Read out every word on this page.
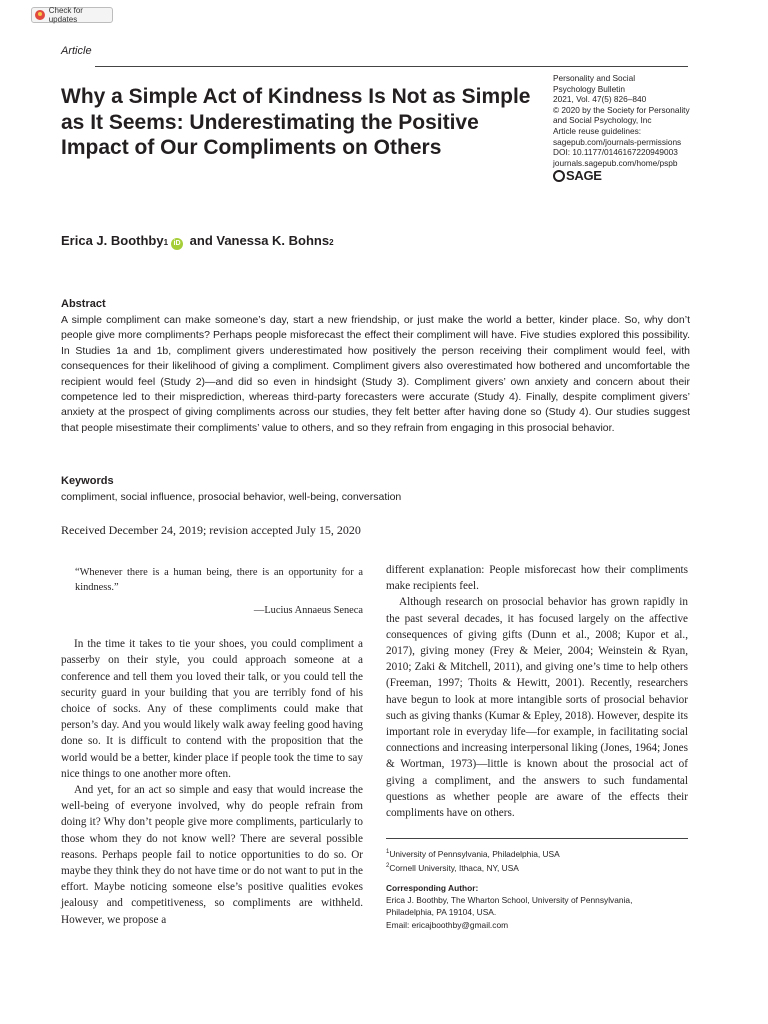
Check for updates
Article
Personality and Social
Psychology Bulletin
2021, Vol. 47(5) 826–840
© 2020 by the Society for Personality
and Social Psychology, Inc
Article reuse guidelines:
sagepub.com/journals-permissions
DOI: 10.1177/0146167220949003
journals.sagepub.com/home/pspb
SAGE
Why a Simple Act of Kindness Is Not as Simple as It Seems: Underestimating the Positive Impact of Our Compliments on Others
Erica J. Boothby 1 iD and Vanessa K. Bohns 2
Abstract

A simple compliment can make someone’s day, start a new friendship, or just make the world a better, kinder place. So, why don’t people give more compliments? Perhaps people misforecast the effect their compliment will have. Five studies explored this possibility. In Studies 1a and 1b, compliment givers underestimated how positively the person receiving their compliment would feel, with consequences for their likelihood of giving a compliment. Compliment givers also overestimated how bothered and uncomfortable the recipient would feel (Study 2)—and did so even in hindsight (Study 3). Compliment givers’ own anxiety and concern about their competence led to their misprediction, whereas third-party forecasters were accurate (Study 4). Finally, despite compliment givers’ anxiety at the prospect of giving compliments across our studies, they felt better after having done so (Study 4). Our studies suggest that people misestimate their compliments’ value to others, and so they refrain from engaging in this prosocial behavior.

Keywords
compliment, social influence, prosocial behavior, well-being, conversation
Received December 24, 2019; revision accepted July 15, 2020

“Whenever there is a human being, there is an opportunity for a kindness.”

—Lucius Annaeus Seneca

In the time it takes to tie your shoes, you could compliment a passerby on their style, you could approach someone at a conference and tell them you loved their talk, or you could tell the security guard in your building that you are terribly fond of his choice of socks. Any of these compliments could make that person’s day. And you would likely walk away feeling good having done so. It is difficult to contend with the proposition that the world would be a better, kinder place if people took the time to say nice things to one another more often.

And yet, for an act so simple and easy that would increase the well-being of everyone involved, why do people refrain from doing it? Why don’t people give more compliments, particularly to those whom they do not know well? There are several possible reasons. Perhaps people fail to notice opportunities to do so. Or maybe they think they do not have time or do not want to put in the effort. Maybe noticing someone else’s positive qualities evokes jealousy and competitiveness, so compliments are withheld. However, we propose a

different explanation: People misforecast how their compliments make recipients feel.

Although research on prosocial behavior has grown rapidly in the past several decades, it has focused largely on the affective consequences of giving gifts (Dunn et al., 2008; Kupor et al., 2017), giving money (Frey & Meier, 2004; Weinstein & Ryan, 2010; Zaki & Mitchell, 2011), and giving one’s time to help others (Freeman, 1997; Thoits & Hewitt, 2001). Recently, researchers have begun to look at more intangible sorts of prosocial behavior such as giving thanks (Kumar & Epley, 2018). However, despite its important role in everyday life—for example, in facilitating social connections and increasing interpersonal liking (Jones, 1964; Jones & Wortman, 1973)—little is known about the prosocial act of giving a compliment, and the answers to such fundamental questions as whether people are aware of the effects their compliments have on others.

$^1$University of Pennsylvania, Philadelphia, USA
$^2$Cornell University, Ithaca, NY, USA
Corresponding Author:
Erica J. Boothby, The Wharton School, University of Pennsylvania,
Philadelphia, PA 19104, USA.
Email: ericajboothby@gmail.com
